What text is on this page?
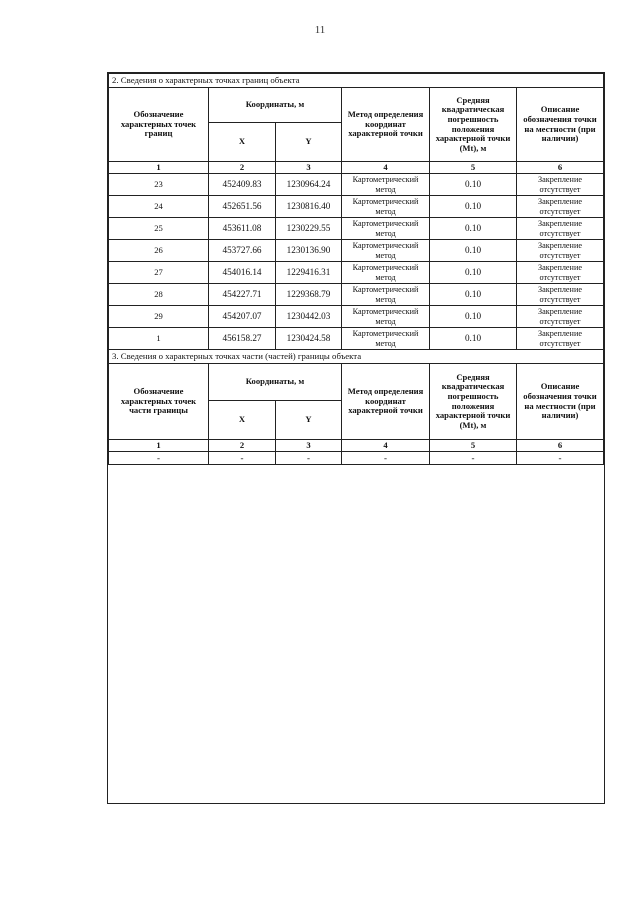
11
2. Сведения о характерных точках границ объекта					
Обозначение характерных точек границ	Координаты, м		Метод определения координат характерной точки	Средняя квадратическая погрешность положения характерной точки (Mt), м	Описание обозначения точки на местности (при наличии)
	X	Y			
1	2	3	4	5	6
23	452409.83	1230964.24	Картометрический метод	0.10	Закрепление отсутствует
24	452651.56	1230816.40	Картометрический метод	0.10	Закрепление отсутствует
25	453611.08	1230229.55	Картометрический метод	0.10	Закрепление отсутствует
26	453727.66	1230136.90	Картометрический метод	0.10	Закрепление отсутствует
27	454016.14	1229416.31	Картометрический метод	0.10	Закрепление отсутствует
28	454227.71	1229368.79	Картометрический метод	0.10	Закрепление отсутствует
29	454207.07	1230442.03	Картометрический метод	0.10	Закрепление отсутствует
1	456158.27	1230424.58	Картометрический метод	0.10	Закрепление отсутствует
3. Сведения о характерных точках части (частей) границы объекта					
Обозначение характерных точек части границы	Координаты, м		Метод определения координат характерной точки	Средняя квадратическая погрешность положения характерной точки (Mt), м	Описание обозначения точки на местности (при наличии)
	X	Y			
1	2	3	4	5	6
-	-	-	-	-	-
